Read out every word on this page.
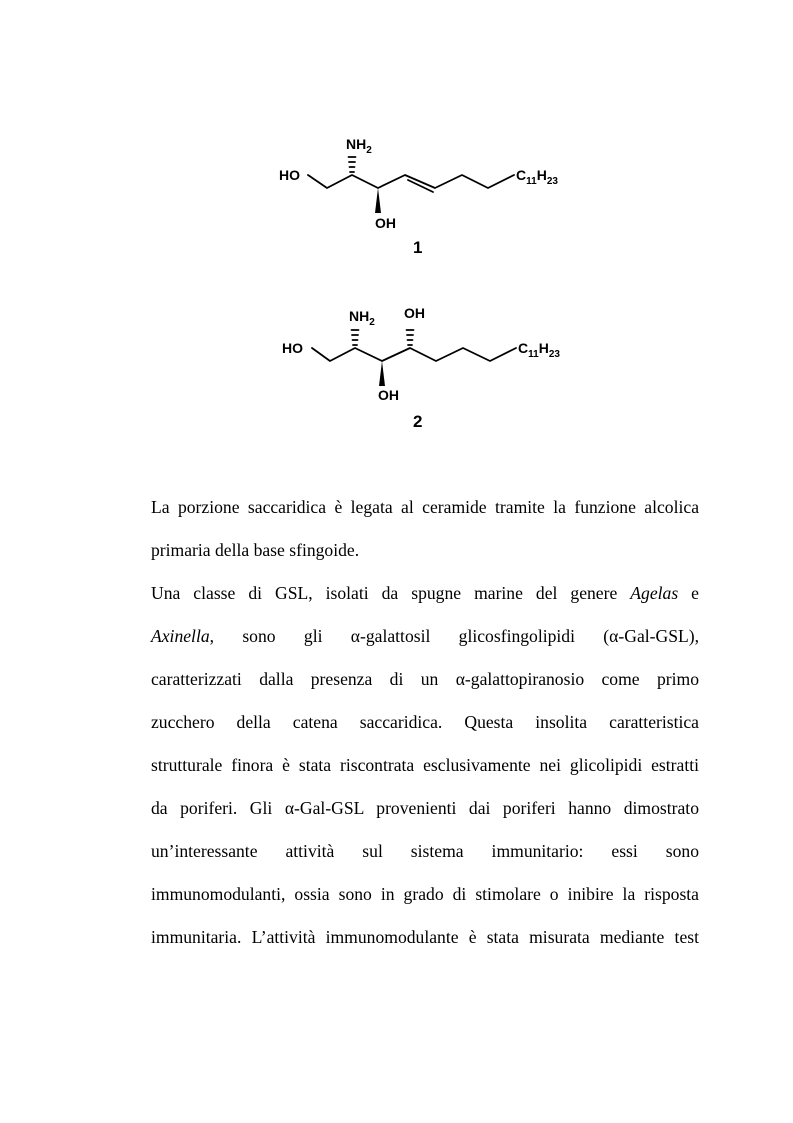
HO
$NH_2$
OH
$C_{11}H_{23}$
1
HO
$NH_2$
OH
OH
$C_{11}H_{23}$
2
La porzione saccaridica è legata al ceramide tramite la funzione alcolica
primaria della base sfingoide.
Una classe di GSL, isolati da spugne marine del genere Agelas e
Axinella, sono gli α-galattosil glicosfingolipidi (α-Gal-GSL),
caratterizzati dalla presenza di un α-galattopiranosio come primo
zucchero della catena saccaridica. Questa insolita caratteristica
strutturale finora è stata riscontrata esclusivamente nei glicolipidi estratti
da poriferi. Gli α-Gal-GSL provenienti dai poriferi hanno dimostrato
un’interessante attività sul sistema immunitario: essi sono
immunomodulanti, ossia sono in grado di stimolare o inibire la risposta
immunitaria. L’attività immunomodulante è stata misurata mediante test
